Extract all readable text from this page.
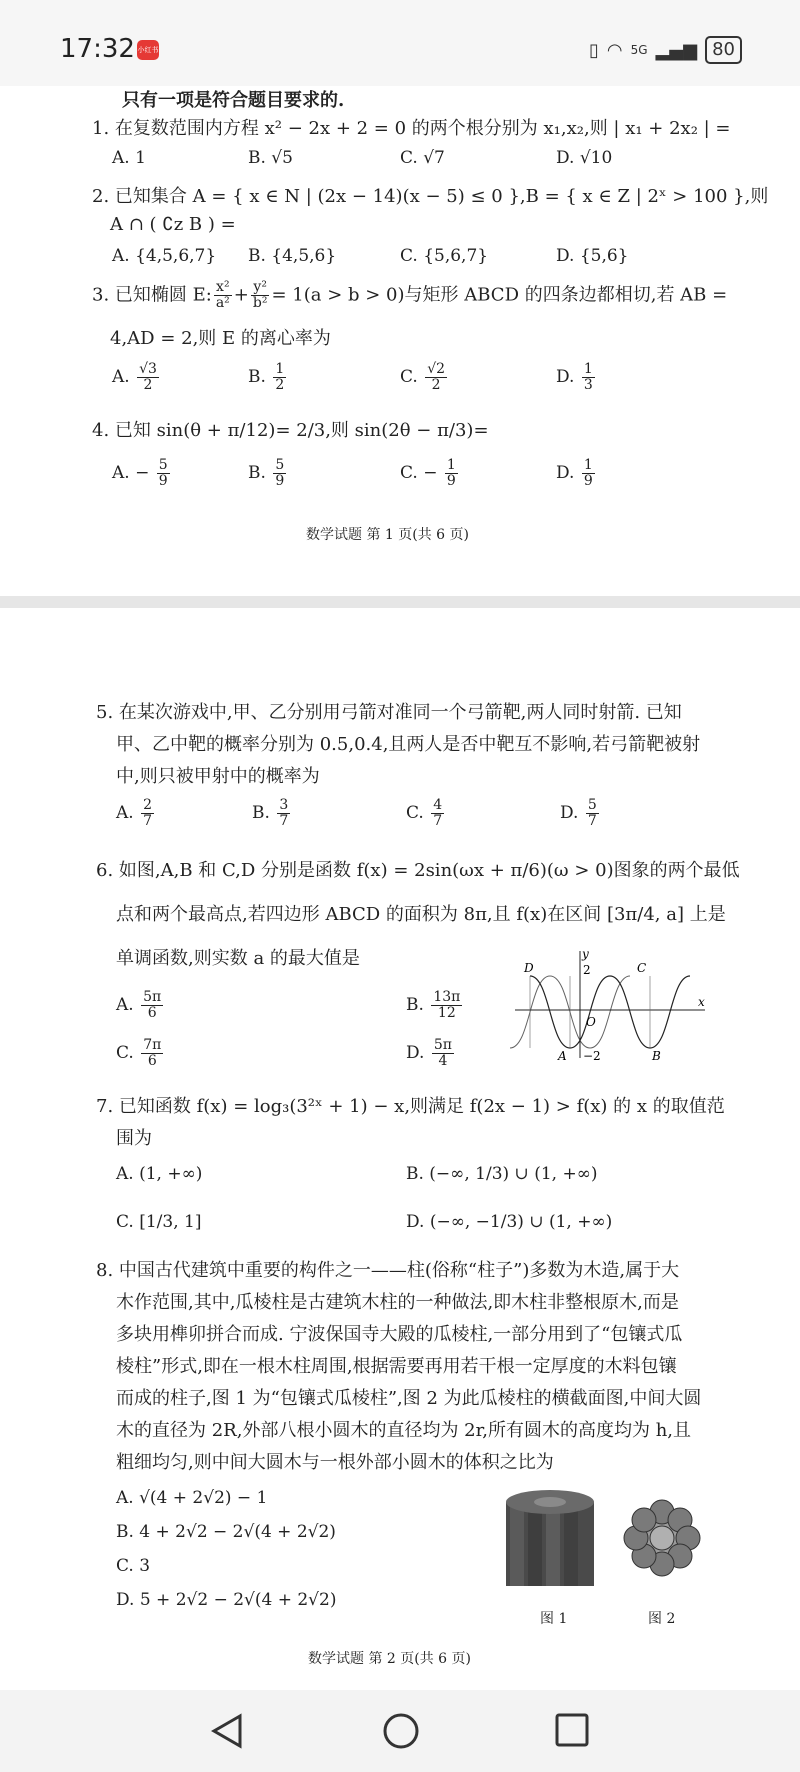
17:32 小红书	▯ ◠ 5G ▂▄▆ 80
只有一项是符合题目要求的.
1. 在复数范围内方程 x² − 2x + 2 = 0 的两个根分别为 x₁,x₂,则 | x₁ + 2x₂ | =
A. 1	B. √5	C. √7	D. √10
2. 已知集合 A = { x ∈ N | (2x − 14)(x − 5) ≤ 0 },B = { x ∈ Z | 2ˣ > 100 },则
A ∩ ( ∁ᴢ B ) =
A. {4,5,6,7} B. {4,5,6}	C. {5,6,7}	D. {5,6}
3. 已知椭圆 E: $\frac{\text{x²}}{\text{a²}} + \frac{\text{y²}}{\text{b²}} = 1(a > b > 0)$与矩形 ABCD 的四条边都相切,若 AB =
4,AD = 2,则 E 的离心率为
A. $\frac{√3}{2}$	B. $\frac{1}{2}$	C. $\frac{√2}{2}$	D. $\frac{1}{3}$
4. 已知 sin(θ + π/12)= 2/3,则 sin(2θ − π/3)=
A. − $\frac{5}{9}$	B. $\frac{5}{9}$	C. − $\frac{1}{9}$	D. $\frac{1}{9}$
数学试题 第 1 页(共 6 页)
5. 在某次游戏中,甲、乙分别用弓箭对准同一个弓箭靶,两人同时射箭. 已知
甲、乙中靶的概率分别为 0.5,0.4,且两人是否中靶互不影响,若弓箭靶被射
中,则只被甲射中的概率为
A. $\frac{2}{7}$	B. $\frac{3}{7}$	C. $\frac{4}{7}$	D. $\frac{5}{7}$
6. 如图,A,B 和 C,D 分别是函数 f(x) = 2sin(ωx + π/6)(ω > 0)图象的两个最低
点和两个最高点,若四边形 ABCD 的面积为 8π,且 f(x)在区间 [3π/4, a] 上是
单调函数,则实数 a 的最大值是
A. $\frac{5\pi}{6}$	B. $\frac{13\pi}{12}$
C. $\frac{7\pi}{6}$	D. $\frac{5\pi}{4}$
y
x
O
2
−2
A	B
C
D
7. 已知函数 f(x) = log₃(3²ˣ + 1) − x,则满足 f(2x − 1) > f(x) 的 x 的取值范
围为
A. (1, +∞)	B. (−∞, 1/3) ∪ (1, +∞)
C. [1/3, 1]	D. (−∞, −1/3) ∪ (1, +∞)
8. 中国古代建筑中重要的构件之一——柱(俗称“柱子”)多数为木造,属于大
木作范围,其中,瓜棱柱是古建筑木柱的一种做法,即木柱非整根原木,而是
多块用榫卯拼合而成. 宁波保国寺大殿的瓜棱柱,一部分用到了“包镶式瓜
棱柱”形式,即在一根木柱周围,根据需要再用若干根一定厚度的木料包镶
而成的柱子,图 1 为“包镶式瓜棱柱”,图 2 为此瓜棱柱的横截面图,中间大圆
木的直径为 2R,外部八根小圆木的直径均为 2r,所有圆木的高度均为 h,且
粗细均匀,则中间大圆木与一根外部小圆木的体积之比为
A. √(4 + 2√2) − 1
B. 4 + 2√2 − 2√(4 + 2√2)
C. 3
D. 5 + 2√2 − 2√(4 + 2√2)
图 1	图 2
数学试题 第 2 页(共 6 页)
